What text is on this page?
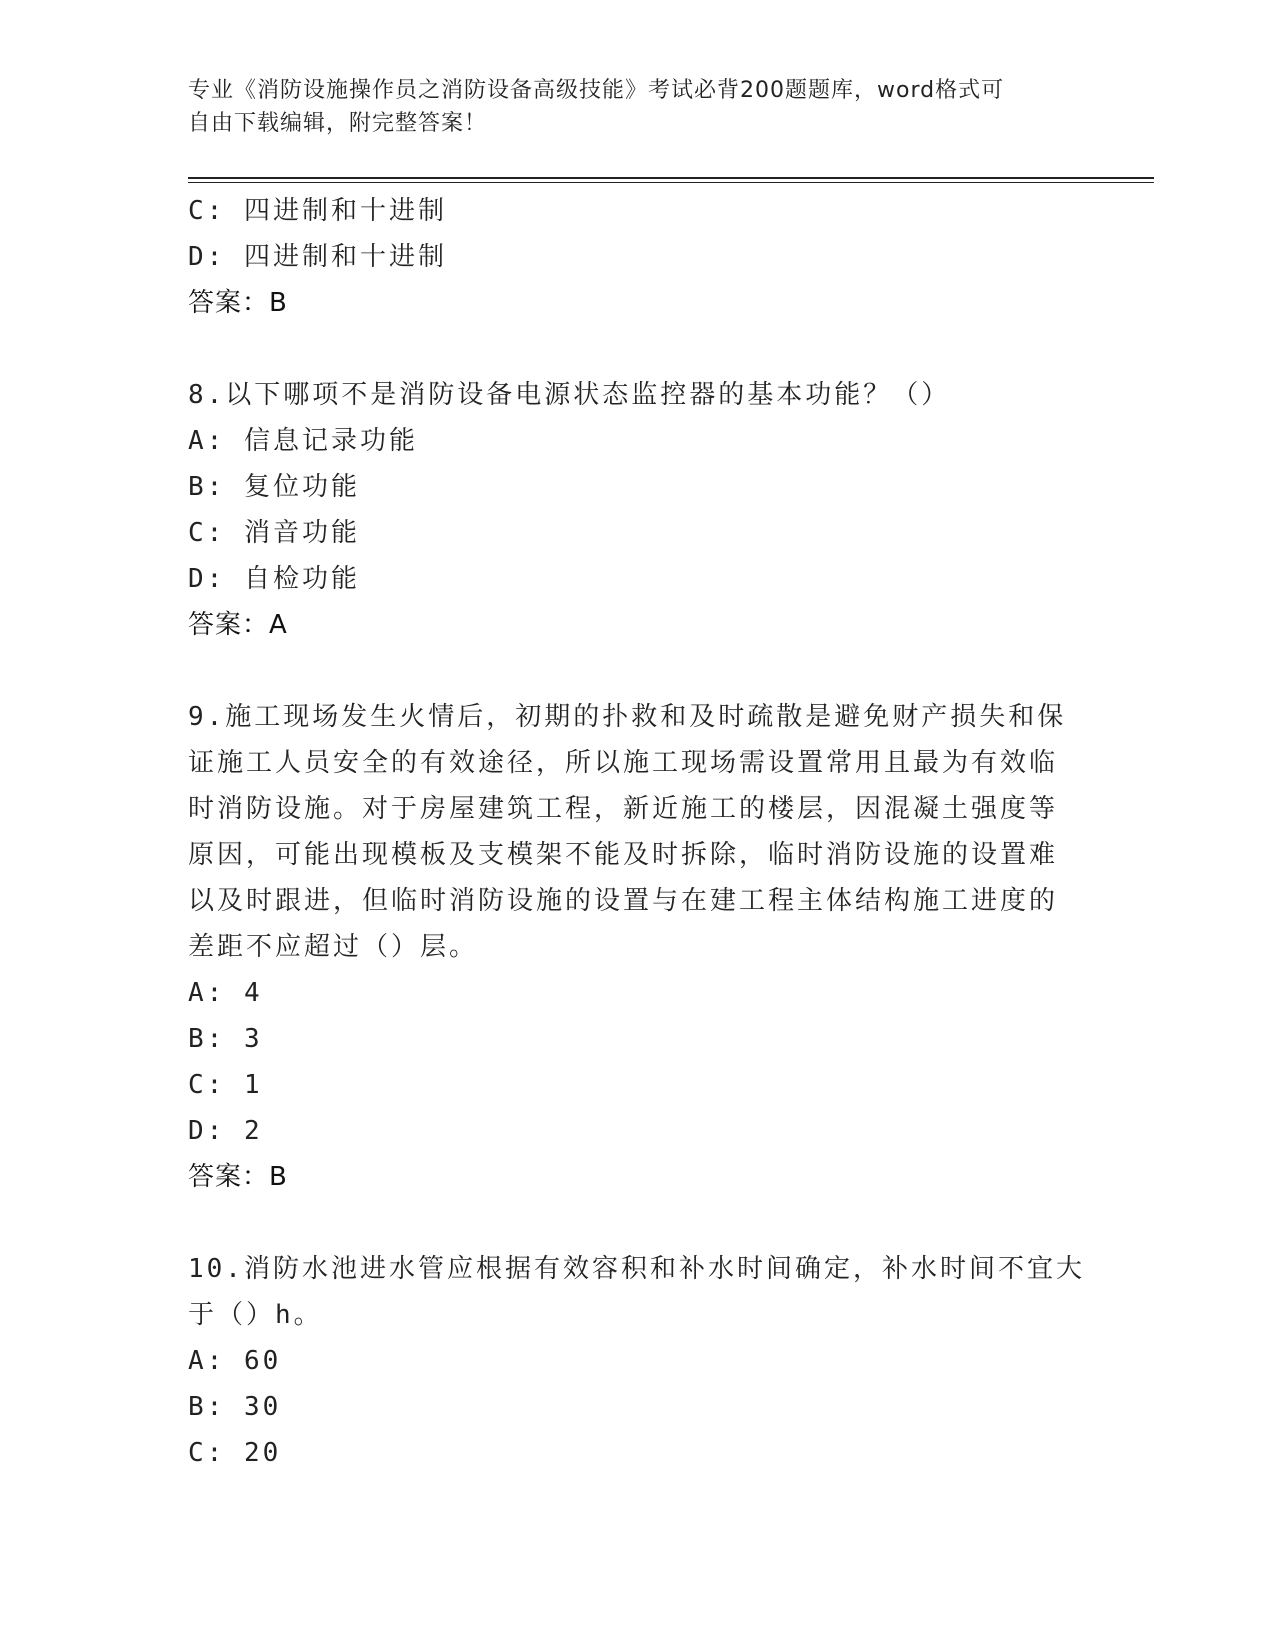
专业《消防设施操作员之消防设备高级技能》考试必背200题题库，word格式可
自由下载编辑，附完整答案！
C: 四进制和十进制
D: 四进制和十进制
答案：B
8.以下哪项不是消防设备电源状态监控器的基本功能？（）
A: 信息记录功能
B: 复位功能
C: 消音功能
D: 自检功能
答案：A
9.施工现场发生火情后，初期的扑救和及时疏散是避免财产损失和保
证施工人员安全的有效途径，所以施工现场需设置常用且最为有效临
时消防设施。对于房屋建筑工程，新近施工的楼层，因混凝土强度等
原因，可能出现模板及支模架不能及时拆除，临时消防设施的设置难
以及时跟进，但临时消防设施的设置与在建工程主体结构施工进度的
差距不应超过（）层。
A: 4
B: 3
C: 1
D: 2
答案：B
10.消防水池进水管应根据有效容积和补水时间确定，补水时间不宜大
于（）h。
A: 60
B: 30
C: 20
